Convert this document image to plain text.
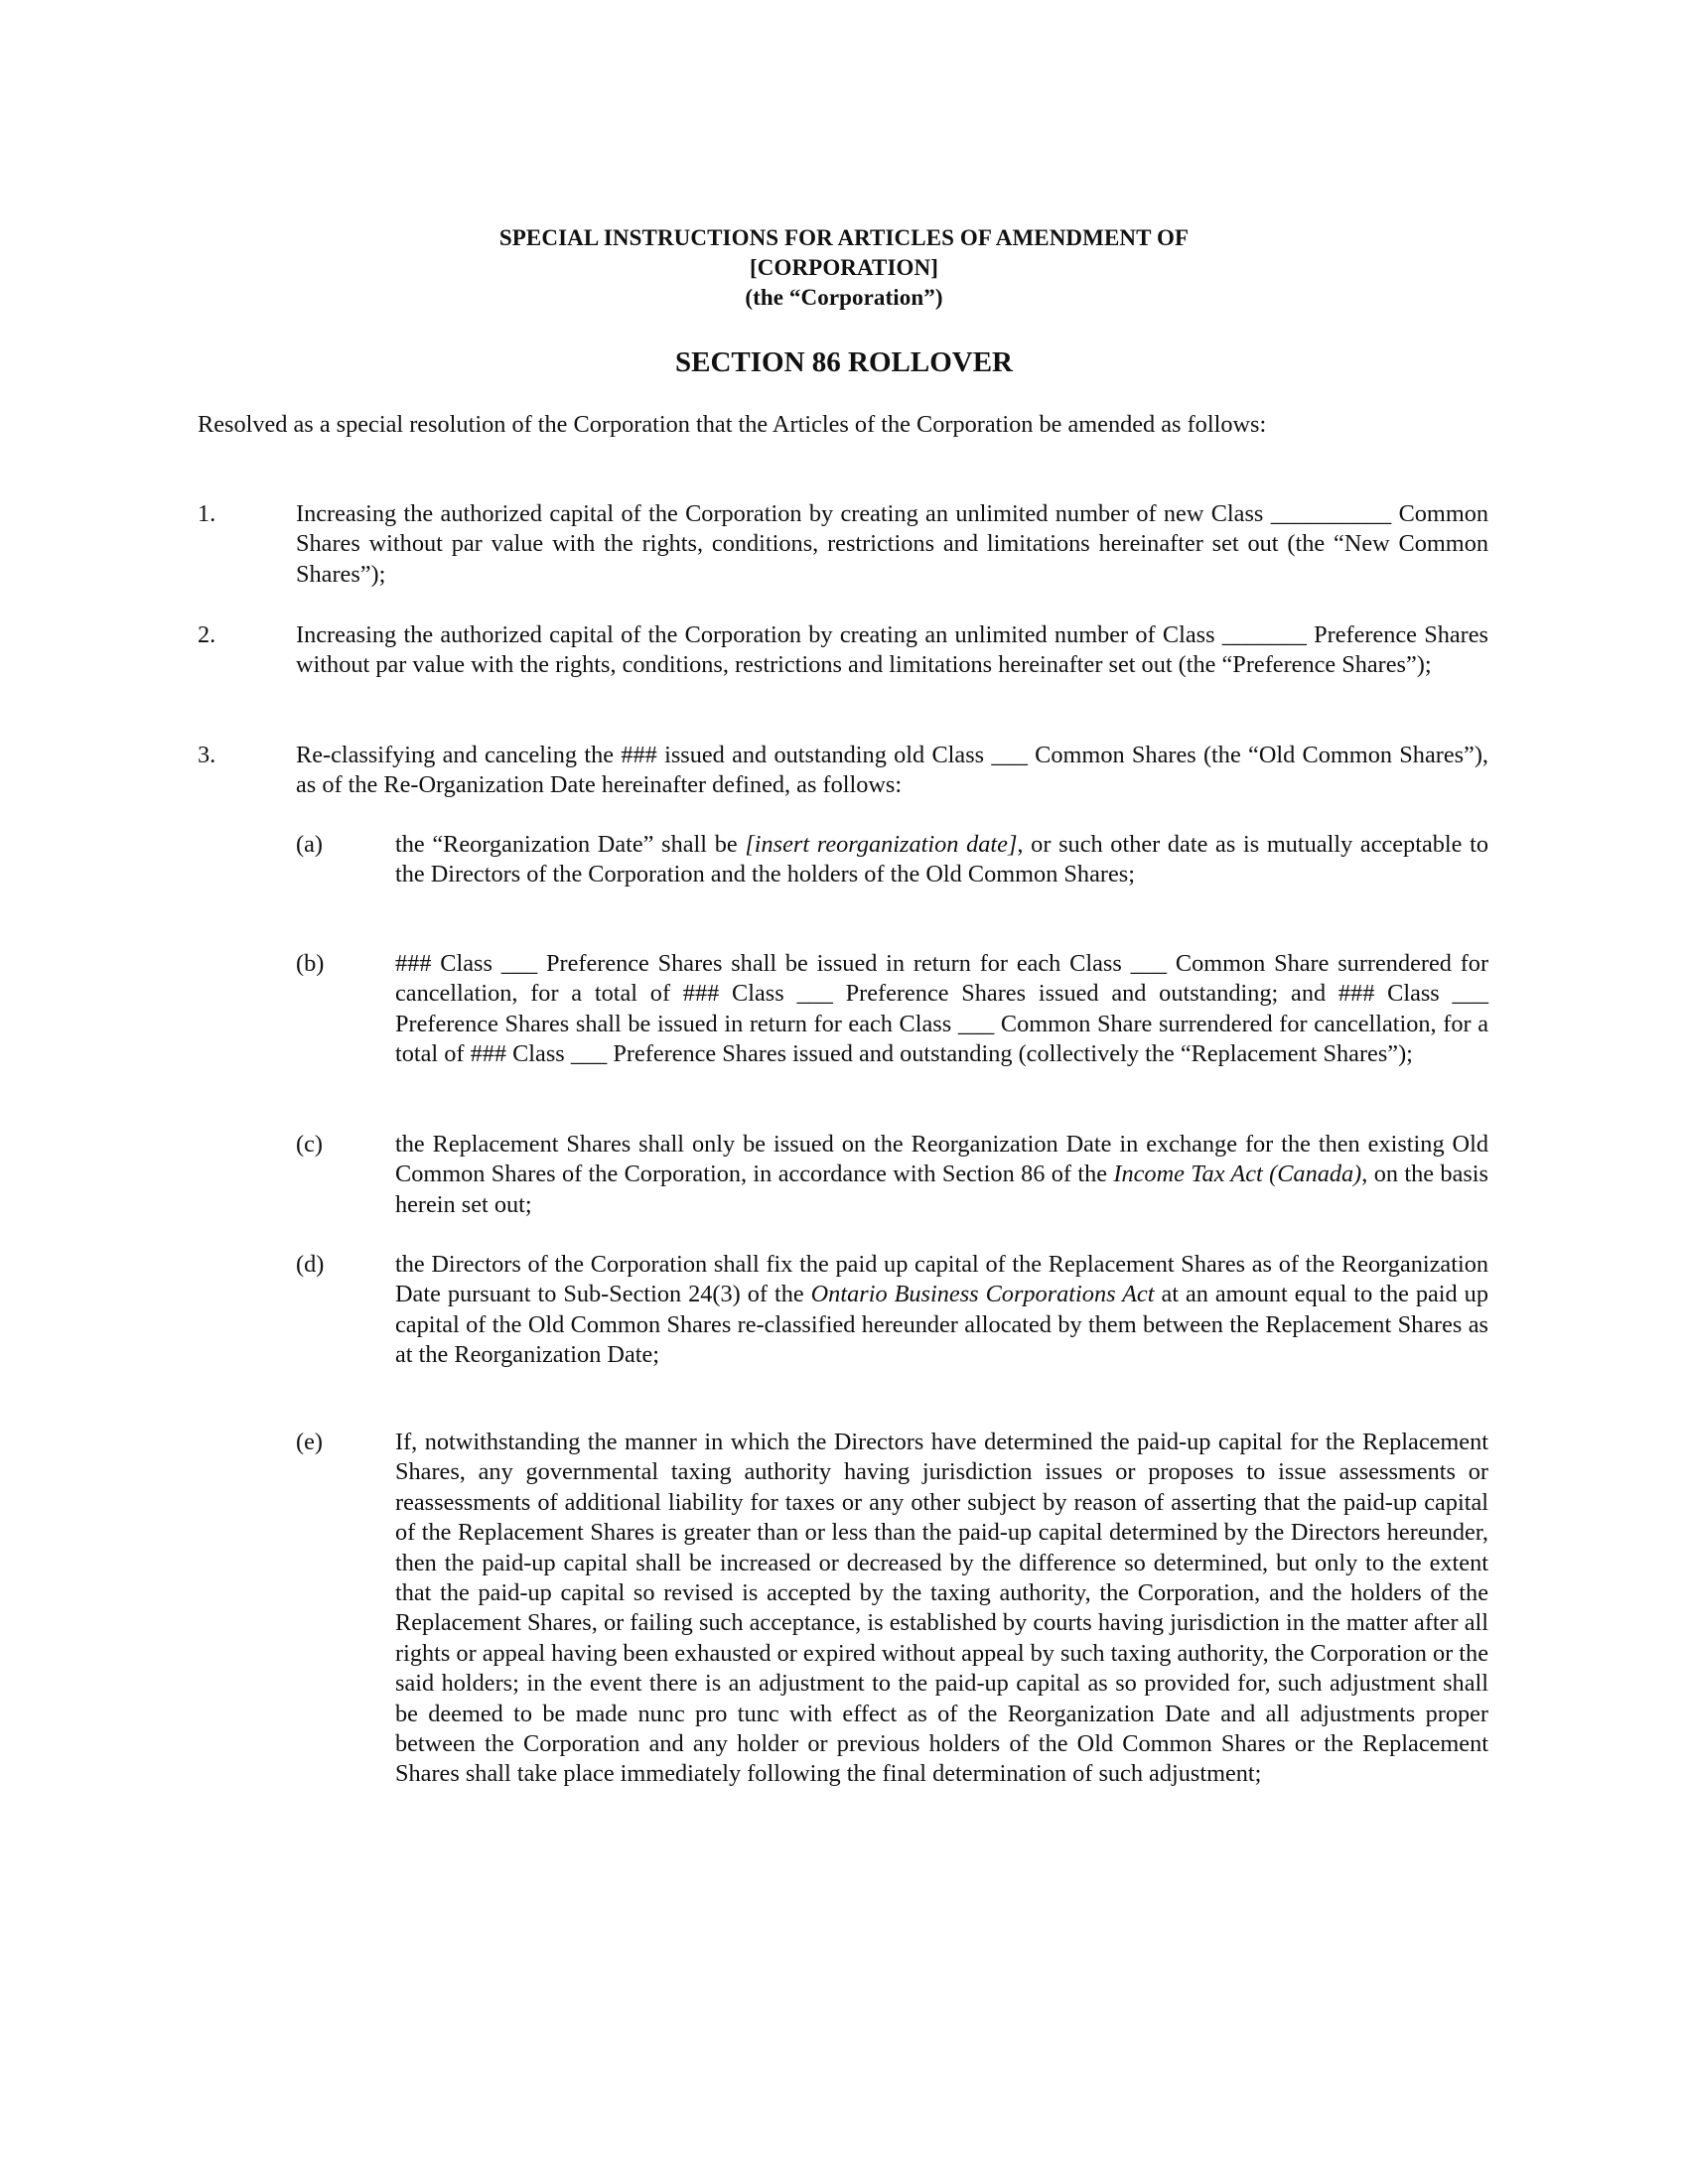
SPECIAL INSTRUCTIONS FOR ARTICLES OF AMENDMENT OF
[CORPORATION]
(the “Corporation”)
SECTION 86 ROLLOVER
Resolved as a special resolution of the Corporation that the Articles of the Corporation be amended as follows:
1.	Increasing the authorized capital of the Corporation by creating an unlimited number of new Class __________ Common Shares without par value with the rights, conditions, restrictions and limitations hereinafter set out (the “New Common Shares”);
2.	Increasing the authorized capital of the Corporation by creating an unlimited number of Class _______ Preference Shares without par value with the rights, conditions, restrictions and limitations hereinafter set out (the “Preference Shares”);
3.	Re-classifying and canceling the ### issued and outstanding old Class ___ Common Shares (the “Old Common Shares”), as of the Re-Organization Date hereinafter defined, as follows:
(a)	the “Reorganization Date” shall be [insert reorganization date], or such other date as is mutually acceptable to the Directors of the Corporation and the holders of the Old Common Shares;
(b)	### Class ___ Preference Shares shall be issued in return for each Class ___ Common Share surrendered for cancellation, for a total of ### Class ___ Preference Shares issued and outstanding; and ### Class ___ Preference Shares shall be issued in return for each Class ___ Common Share surrendered for cancellation, for a total of ### Class ___ Preference Shares issued and outstanding (collectively the “Replacement Shares”);
(c)	the Replacement Shares shall only be issued on the Reorganization Date in exchange for the then existing Old Common Shares of the Corporation, in accordance with Section 86 of the Income Tax Act (Canada), on the basis herein set out;
(d)	the Directors of the Corporation shall fix the paid up capital of the Replacement Shares as of the Reorganization Date pursuant to Sub-Section 24(3) of the Ontario Business Corporations Act at an amount equal to the paid up capital of the Old Common Shares re-classified hereunder allocated by them between the Replacement Shares as at the Reorganization Date;
(e)	If, notwithstanding the manner in which the Directors have determined the paid-up capital for the Replacement Shares, any governmental taxing authority having jurisdiction issues or proposes to issue assessments or reassessments of additional liability for taxes or any other subject by reason of asserting that the paid-up capital of the Replacement Shares is greater than or less than the paid-up capital determined by the Directors hereunder, then the paid-up capital shall be increased or decreased by the difference so determined, but only to the extent that the paid-up capital so revised is accepted by the taxing authority, the Corporation, and the holders of the Replacement Shares, or failing such acceptance, is established by courts having jurisdiction in the matter after all rights or appeal having been exhausted or expired without appeal by such taxing authority, the Corporation or the said holders; in the event there is an adjustment to the paid-up capital as so provided for, such adjustment shall be deemed to be made nunc pro tunc with effect as of the Reorganization Date and all adjustments proper between the Corporation and any holder or previous holders of the Old Common Shares or the Replacement Shares shall take place immediately following the final determination of such adjustment;
